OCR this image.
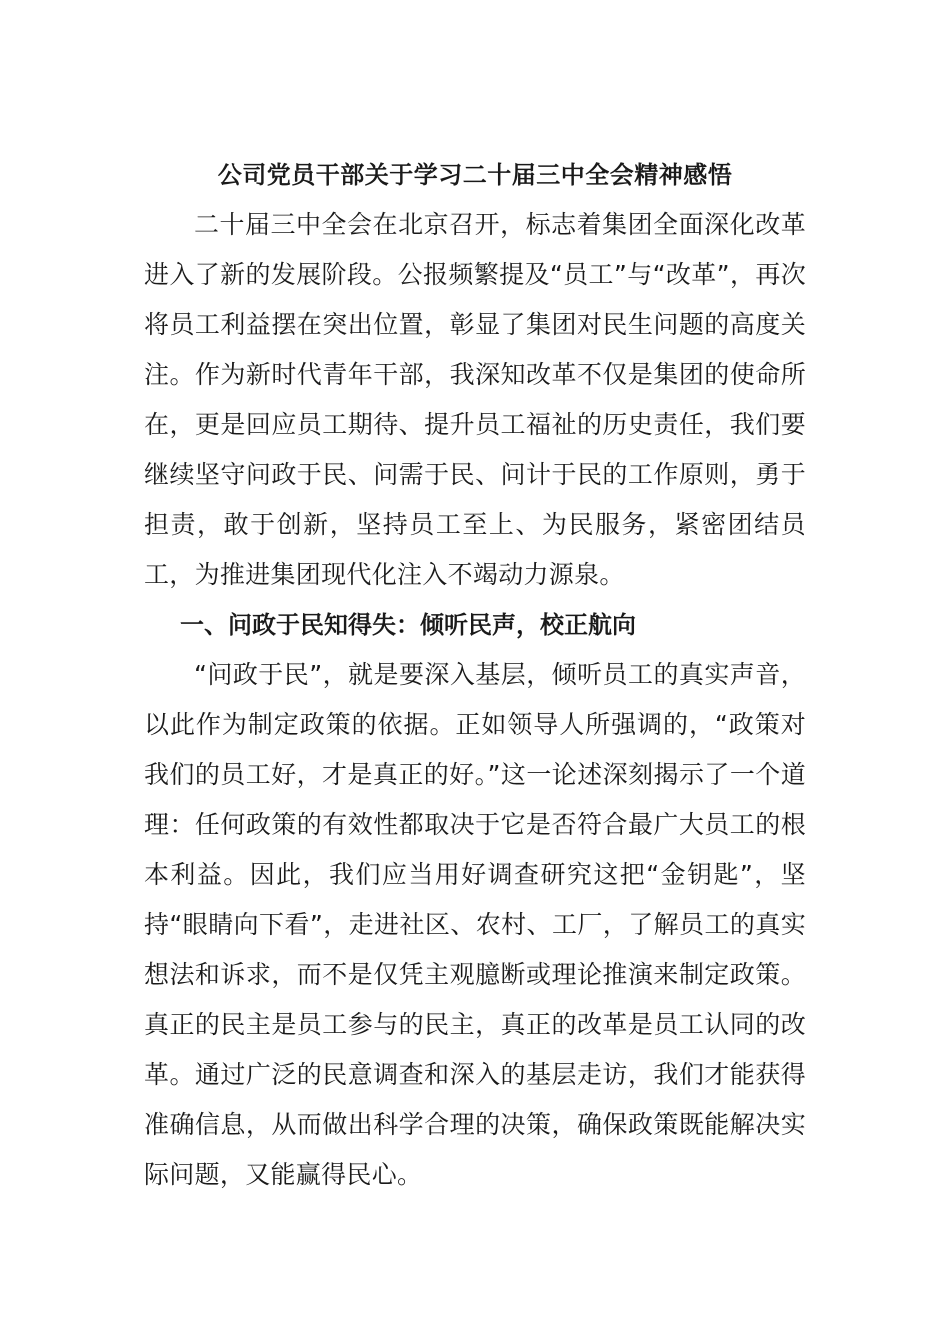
公司党员干部关于学习二十届三中全会精神感悟

二十届三中全会在北京召开，标志着集团全面深化改革进入了新的发展阶段。公报频繁提及“员工”与“改革”，再次将员工利益摆在突出位置，彰显了集团对民生问题的高度关注。作为新时代青年干部，我深知改革不仅是集团的使命所在，更是回应员工期待、提升员工福祉的历史责任，我们要继续坚守问政于民、问需于民、问计于民的工作原则，勇于担责，敢于创新，坚持员工至上、为民服务，紧密团结员工，为推进集团现代化注入不竭动力源泉。

一、问政于民知得失：倾听民声，校正航向

“问政于民”，就是要深入基层，倾听员工的真实声音，以此作为制定政策的依据。正如领导人所强调的，“政策对我们的员工好，才是真正的好。”这一论述深刻揭示了一个道理：任何政策的有效性都取决于它是否符合最广大员工的根本利益。因此，我们应当用好调查研究这把“金钥匙”，坚持“眼睛向下看”，走进社区、农村、工厂，了解员工的真实想法和诉求，而不是仅凭主观臆断或理论推演来制定政策。真正的民主是员工参与的民主，真正的改革是员工认同的改革。通过广泛的民意调查和深入的基层走访，我们才能获得准确信息，从而做出科学合理的决策，确保政策既能解决实际问题，又能赢得民心。
